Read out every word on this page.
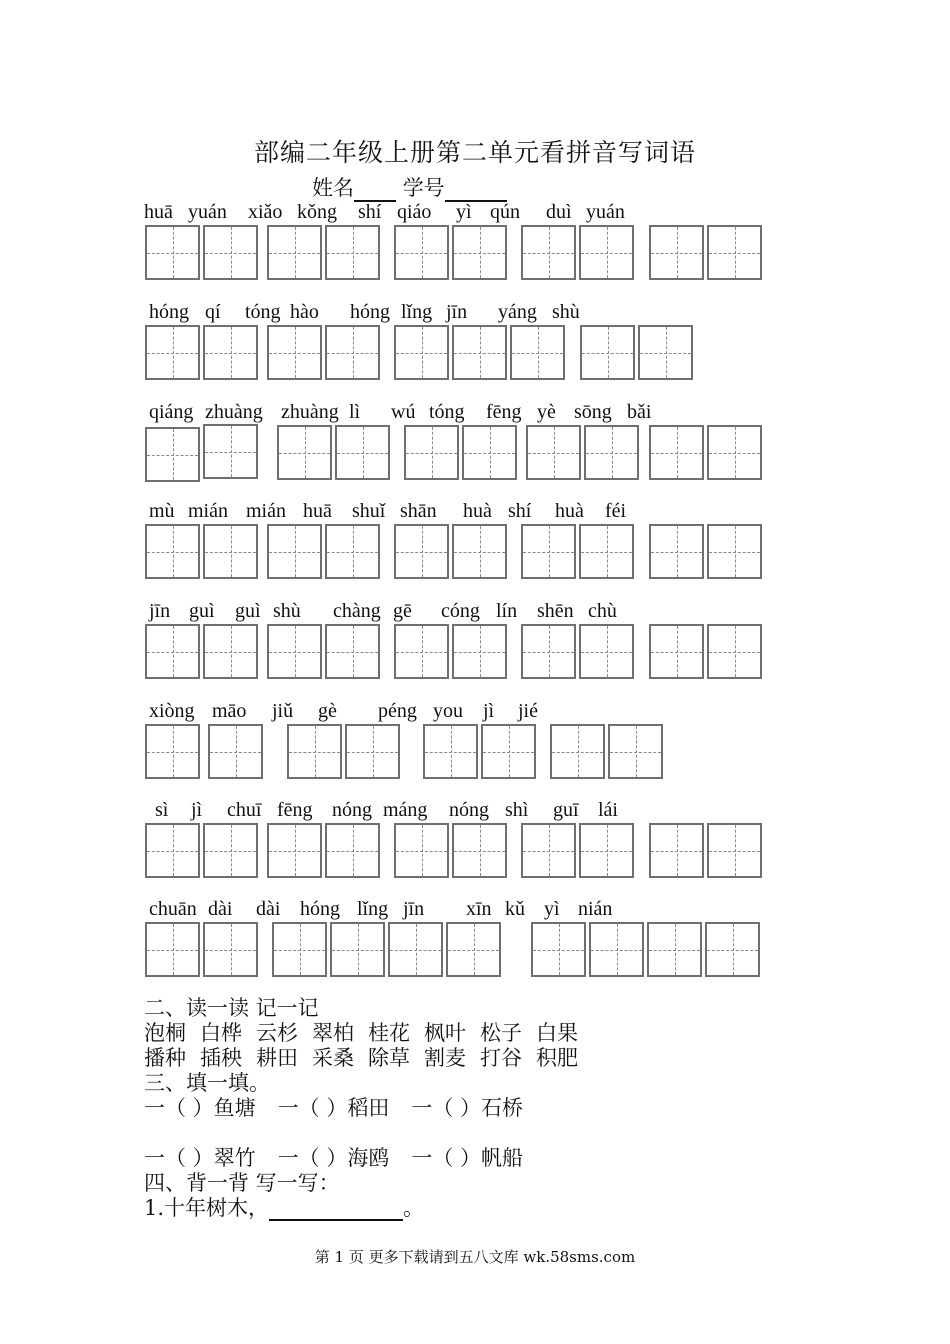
部编二年级上册第二单元看拼音写词语
姓名 学号
huā yuán xiǎo kǒng shí qiáo yì qún duì yuán
hóng qí tóng hào hóng lǐng jīn yáng shù
qiáng zhuàng zhuàng lì wú tóng fēng yè sōng bǎi
mù mián mián huā shuǐ shān huà shí huà féi
jīn guì guì shù chàng gē cóng lín shēn chù
xiòng māo jiǔ gè péng you jì jié
sì jì chuī fēng nóng máng nóng shì guī lái
chuān dài dài hóng lǐng jīn xīn kǔ yì nián
二、读一读 记一记
泡桐 白桦 云杉 翠柏 桂花 枫叶 松子 白果
播种 插秧 耕田 采桑 除草 割麦 打谷 积肥
三、填一填。
一（ ）鱼塘 一（ ）稻田 一（ ）石桥
一（ ）翠竹 一（ ）海鸥 一（ ）帆船
四、背一背 写一写：
1.十年树木，	。
第 1 页 更多下载请到五八文库 wk.58sms.com
